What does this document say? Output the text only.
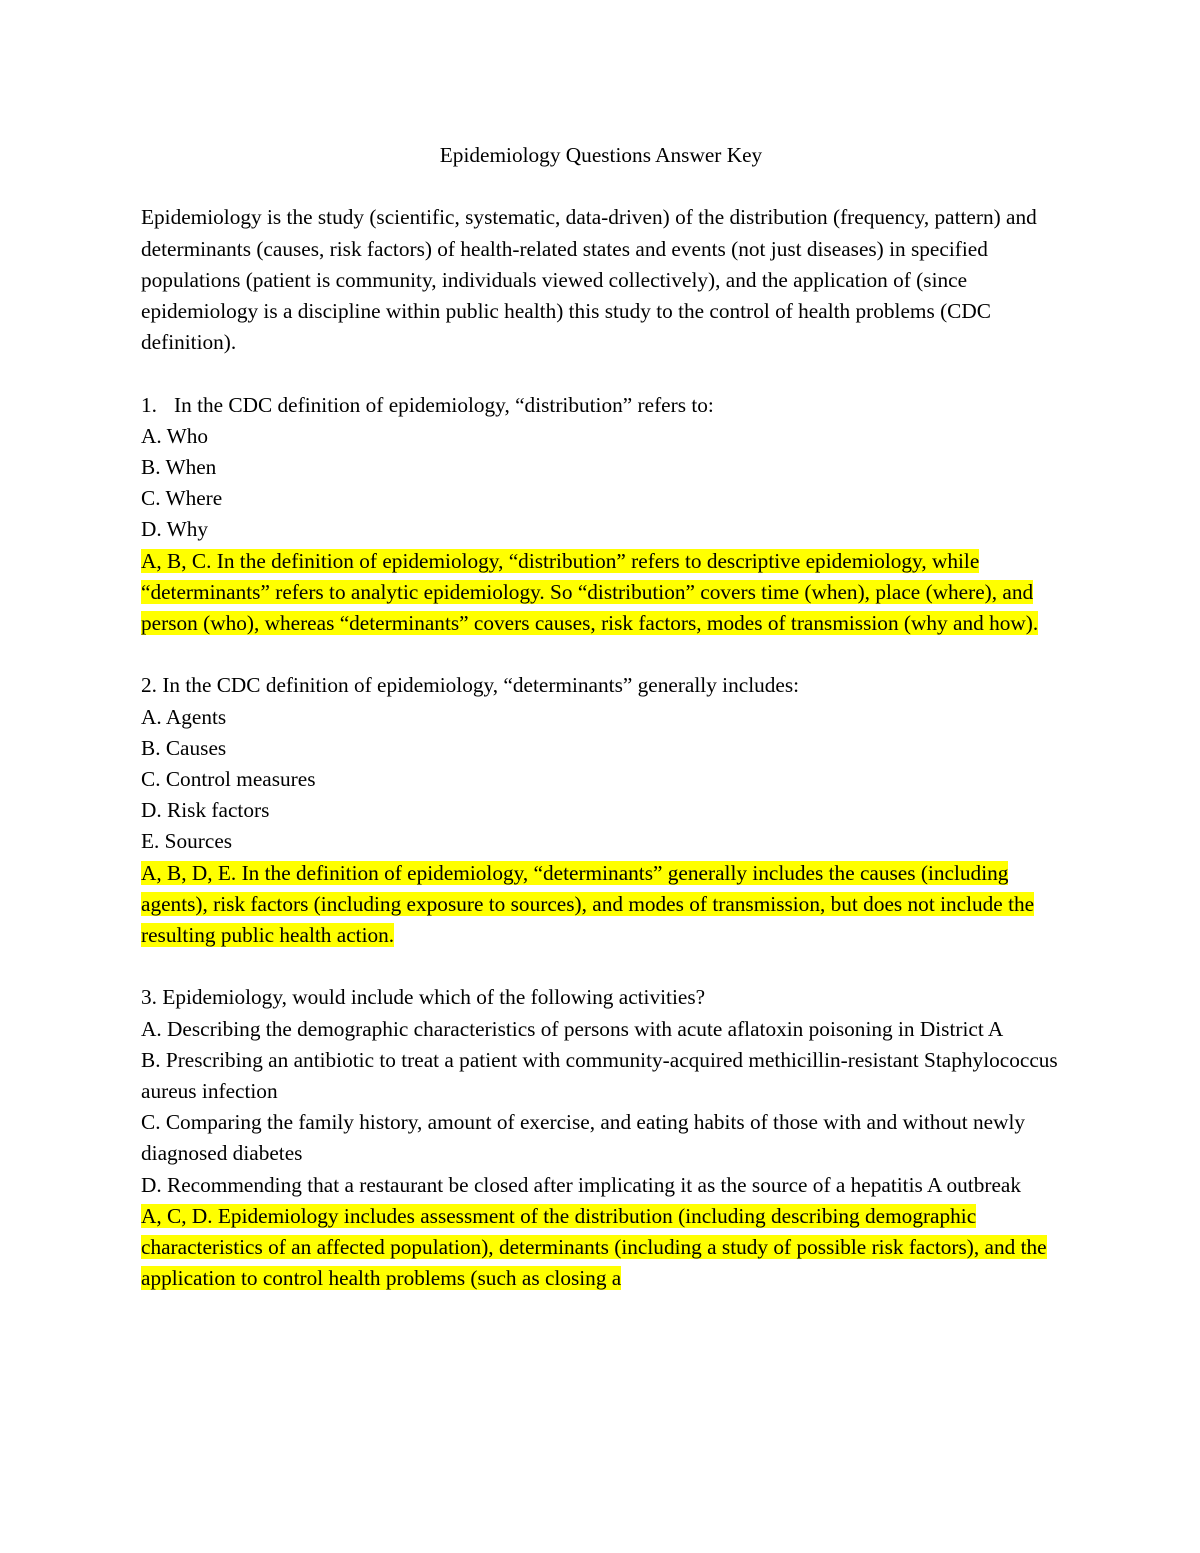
Epidemiology Questions Answer Key

Epidemiology is the study (scientific, systematic, data-driven) of the distribution (frequency, pattern) and determinants (causes, risk factors) of health-related states and events (not just diseases) in specified populations (patient is community, individuals viewed collectively), and the application of (since epidemiology is a discipline within public health) this study to the control of health problems (CDC definition).

1. In the CDC definition of epidemiology, “distribution” refers to:

A. Who

B. When

C. Where

D. Why

A, B, C. In the definition of epidemiology, “distribution” refers to descriptive epidemiology, while “determinants” refers to analytic epidemiology. So “distribution” covers time (when), place (where), and person (who), whereas “determinants” covers causes, risk factors, modes of transmission (why and how).

2. In the CDC definition of epidemiology, “determinants” generally includes:

A. Agents

B. Causes

C. Control measures

D. Risk factors

E. Sources

A, B, D, E. In the definition of epidemiology, “determinants” generally includes the causes (including agents), risk factors (including exposure to sources), and modes of transmission, but does not include the resulting public health action.

3. Epidemiology, would include which of the following activities?

A. Describing the demographic characteristics of persons with acute aflatoxin poisoning in District A

B. Prescribing an antibiotic to treat a patient with community-acquired methicillin-resistant Staphylococcus aureus infection

C. Comparing the family history, amount of exercise, and eating habits of those with and without newly diagnosed diabetes

D. Recommending that a restaurant be closed after implicating it as the source of a hepatitis A outbreak

A, C, D. Epidemiology includes assessment of the distribution (including describing demographic characteristics of an affected population), determinants (including a study of possible risk factors), and the application to control health problems (such as closing a
